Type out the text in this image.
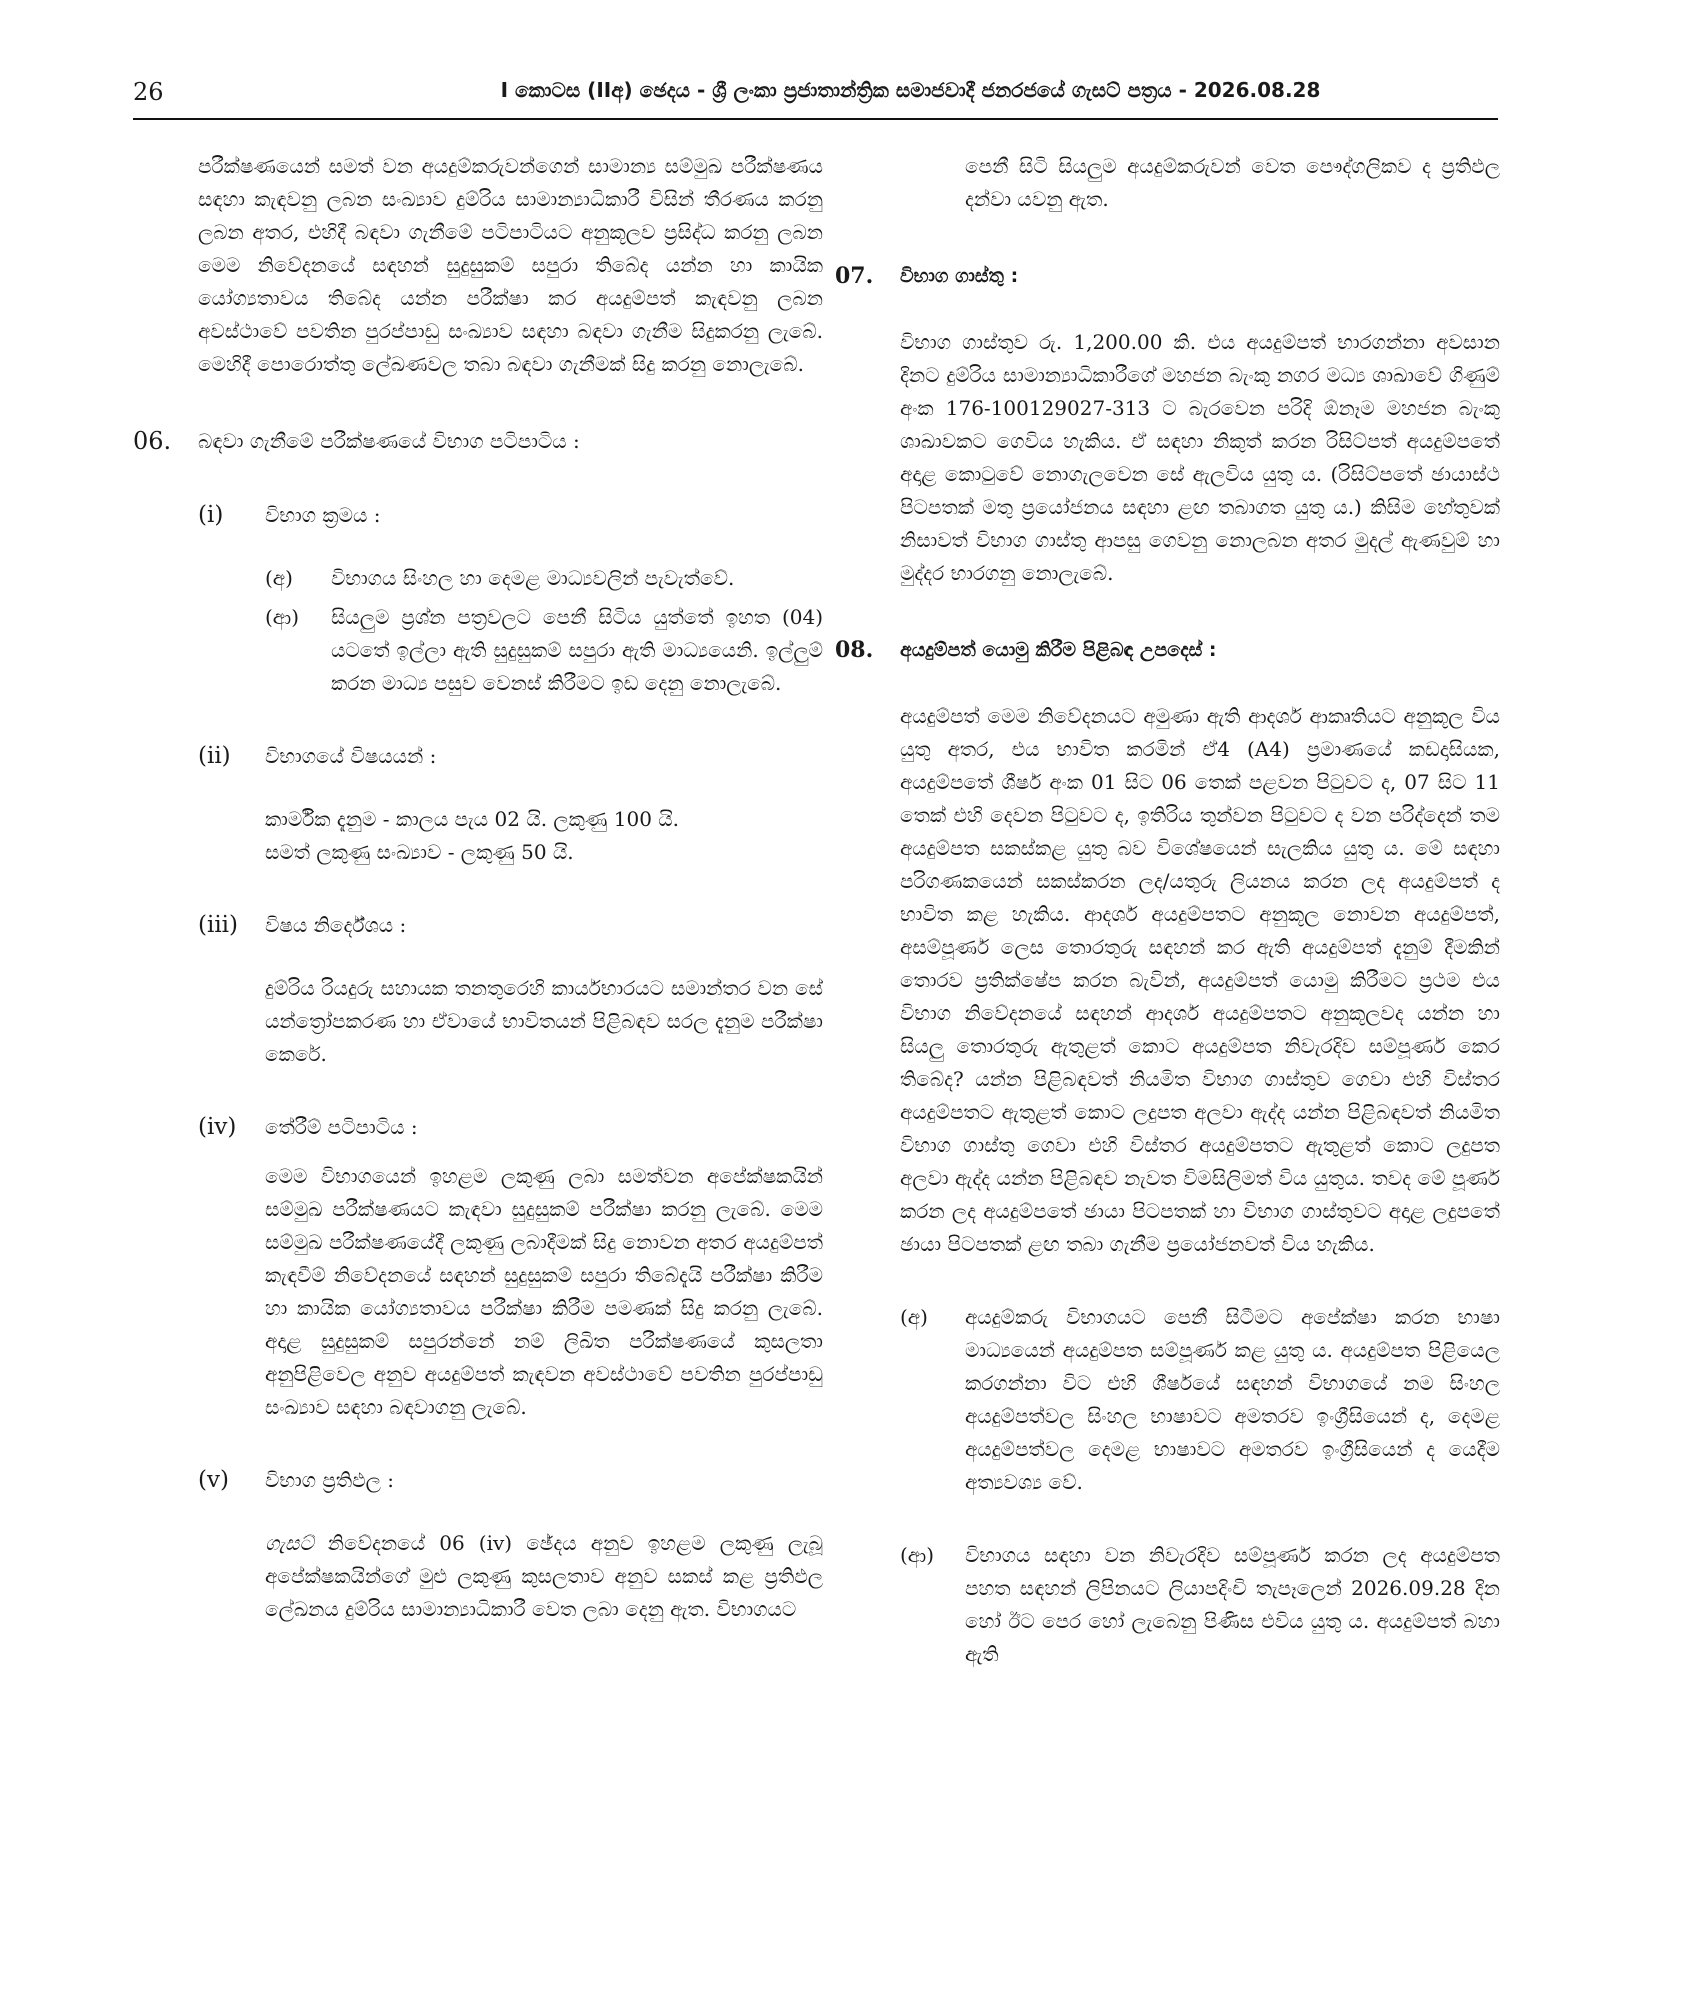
26	I කොටස (IIඅ) ඡෙදය - ශ්‍රී ලංකා ප්‍රජාතාන්ත්‍රික සමාජවාදී ජනරජයේ ගැසට් පත්‍රය - 2026.08.28

පරීක්ෂණයෙන් සමත් වන අයදුම්කරුවන්ගෙන් සාමාන්‍ය සම්මුඛ පරීක්ෂණය සඳහා කැඳවනු ලබන සංඛ්‍යාව දුම්රිය සාමාන්‍යාධිකාරී විසින් තීරණය කරනු ලබන අතර, එහිදී බඳවා ගැනීමේ පටිපාටියට අනුකූලව ප්‍රසිද්ධ කරනු ලබන මෙම නිවේදනයේ සඳහන් සුදුසුකම් සපුරා තිබේද යන්න හා කායික යෝග්‍යතාවය තිබේද යන්න පරීක්ෂා කර අයදුම්පත් කැඳවනු ලබන අවස්ථාවේ පවතින පුරප්පාඩු සංඛ්‍යාව සඳහා බඳවා ගැනීම සිදුකරනු ලැබේ. මෙහිදී පොරොත්තු ලේඛණවල තබා බඳවා ගැනීමක් සිදු කරනු නොලැබේ.

06. බඳවා ගැනීමේ පරීක්ෂණයේ විභාග පටිපාටිය :
(i) විභාග ක්‍රමය :
(අ) විභාගය සිංහල හා දෙමළ මාධ්‍යවලින් පැවැත්වේ.
(ආ) සියලුම ප්‍රශ්න පත්‍රවලට පෙනී සිටිය යුත්තේ ඉහත (04) යටතේ ඉල්ලා ඇති සුදුසුකම් සපුරා ඇති මාධ්‍යයෙනි. ඉල්ලුම් කරන මාධ්‍ය පසුව වෙනස් කිරීමට ඉඩ දෙනු නොලැබේ.
(ii) විභාගයේ විෂයයන් :
කාර්මික දැනුම - කාලය පැය 02 යි. ලකුණු 100 යි.
සමත් ලකුණු සංඛ්‍යාව - ලකුණු 50 යි.
(iii) විෂය නිර්දේශය :
දුම්රිය රියදුරු සහායක තනතුරෙහි කාර්යභාරයට සමාන්තර වන සේ යන්ත්‍රෝපකරණ හා ඒවායේ භාවිතයන් පිළිබඳව සරල දැනුම පරීක්ෂා කෙරේ.
(iv) තේරීම් පටිපාටිය :
මෙම විභාගයෙන් ඉහළම ලකුණු ලබා සමත්වන අපේක්ෂකයින් සම්මුඛ පරීක්ෂණයට කැඳවා සුදුසුකම් පරීක්ෂා කරනු ලැබේ. මෙම සම්මුඛ පරීක්ෂණයේදී ලකුණු ලබාදීමක් සිදු නොවන අතර අයදුම්පත් කැඳවීම් නිවේදනයේ සඳහන් සුදුසුකම් සපුරා තිබේදැයි පරීක්ෂා කිරීම හා කායික යෝග්‍යතාවය පරීක්ෂා කිරීම පමණක් සිදු කරනු ලැබේ. අදාළ සුදුසුකම් සපුරන්නේ නම් ලිඛිත පරීක්ෂණයේ කුසලතා අනුපිළිවෙල අනුව අයදුම්පත් කැඳවන අවස්ථාවේ පවතින පුරප්පාඩු සංඛ්‍යාව සඳහා බඳවාගනු ලැබේ.
(v) විභාග ප්‍රතිඵල :
ගැසට් නිවේදනයේ 06 (iv) ඡේදය අනුව ඉහළම ලකුණු ලැබූ අපේක්ෂකයින්ගේ මුළු ලකුණු කුසලතාව අනුව සකස් කළ ප්‍රතිඵල ලේඛනය දුම්රිය සාමාන්‍යාධිකාරී වෙත ලබා දෙනු ඇත. විභාගයට

පෙනී සිටි සියලුම අයදුම්කරුවන් වෙත පෞද්ගලිකව ද ප්‍රතිඵල දන්වා යවනු ඇත.

07. විභාග ගාස්තු :
විභාග ගාස්තුව රු. 1,200.00 කි. එය අයදුම්පත් භාරගන්නා අවසාන දිනට දුම්රිය සාමාන්‍යාධිකාරීගේ මහජන බැංකු නගර මධ්‍ය ශාඛාවේ ගිණුම් අංක 176-100129027-313 ට බැරවෙන පරිදි ඕනෑම මහජන බැංකු ශාඛාවකට ගෙවිය හැකිය. ඒ සඳහා නිකුත් කරන රිසිට්පත් අයදුම්පතේ අදාළ කොටුවේ නොගැලවෙන සේ ඇලවිය යුතු ය. (රිසිට්පතේ ඡායාස්ථ පිටපතක් මතු ප්‍රයෝජනය සඳහා ළඟ තබාගත යුතු ය.) කිසිම හේතුවක් නිසාවත් විභාග ගාස්තු ආපසු ගෙවනු නොලබන අතර මුදල් ඇණවුම් හා මුද්දර භාරගනු නොලැබේ.
08. අයදුම්පත් යොමු කිරීම පිළිබඳ උපදෙස් :
අයදුම්පත් මෙම නිවේදනයට අමුණා ඇති ආදර්ශ ආකෘතියට අනුකූල විය යුතු අතර, එය භාවිත කරමින් ඒ4 (A4) ප්‍රමාණයේ කඩදාසියක, අයදුම්පතේ ශීර්ෂ අංක 01 සිට 06 තෙක් පළවන පිටුවට ද, 07 සිට 11 තෙක් එහි දෙවන පිටුවට ද, ඉතිරිය තුන්වන පිටුවට ද වන පරිද්දෙන් තම අයදුම්පත සකස්කළ යුතු බව විශේෂයෙන් සැලකිය යුතු ය. මේ සඳහා පරිගණකයෙන් සකස්කරන ලද/යතුරු ලියනය කරන ලද අයදුම්පත් ද භාවිත කළ හැකිය. ආදර්ශ අයදුම්පතට අනුකූල නොවන අයදුම්පත්, අසම්පූර්ණ ලෙස තොරතුරු සඳහන් කර ඇති අයදුම්පත් දැනුම් දීමකින් තොරව ප්‍රතික්ෂේප කරන බැවින්, අයදුම්පත් යොමු කිරීමට ප්‍රථම එය විභාග නිවේදනයේ සඳහන් ආදර්ශ අයදුම්පතට අනුකූලවද යන්න හා සියලු තොරතුරු ඇතුළත් කොට අයදුම්පත නිවැරදිව සම්පූර්ණ කෙර තිබේද? යන්න පිළිබඳවත් නියමිත විභාග ගාස්තුව ගෙවා එහි විස්තර අයදුම්පතට ඇතුළත් කොට ලදුපත අලවා ඇද්ද යන්න පිළිබඳවත් නියමිත විභාග ගාස්තු ගෙවා එහි විස්තර අයදුම්පතට ඇතුළත් කොට ලදුපත අලවා ඇද්ද යන්න පිළිබඳව නැවත විමසිලිමත් විය යුතුය. තවද මේ පූර්ණ කරන ලද අයදුම්පතේ ඡායා පිටපතක් හා විභාග ගාස්තුවට අදාළ ලදුපතේ ඡායා පිටපතක් ළඟ තබා ගැනීම ප්‍රයෝජනවත් විය හැකිය.
(අ) අයදුම්කරු විභාගයට පෙනී සිටීමට අපේක්ෂා කරන භාෂා මාධ්‍යයෙන් අයදුම්පත සම්පූර්ණ කළ යුතු ය. අයදුම්පත පිළියෙල කරගන්නා විට එහි ශීර්ෂයේ සඳහන් විභාගයේ නම සිංහල අයදුම්පත්වල සිංහල භාෂාවට අමතරව ඉංග්‍රීසියෙන් ද, දෙමළ අයදුම්පත්වල දෙමළ භාෂාවට අමතරව ඉංග්‍රීසියෙන් ද යෙදීම අත්‍යවශ්‍ය වේ.
(ආ) විභාගය සඳහා වන නිවැරදිව සම්පූර්ණ කරන ලද අයදුම්පත පහත සඳහන් ලිපිනයට ලියාපදිංචි තැපෑලෙන් 2026.09.28 දින හෝ ඊට පෙර හෝ ලැබෙනු පිණිස එවිය යුතු ය. අයදුම්පත් බහා ඇති
